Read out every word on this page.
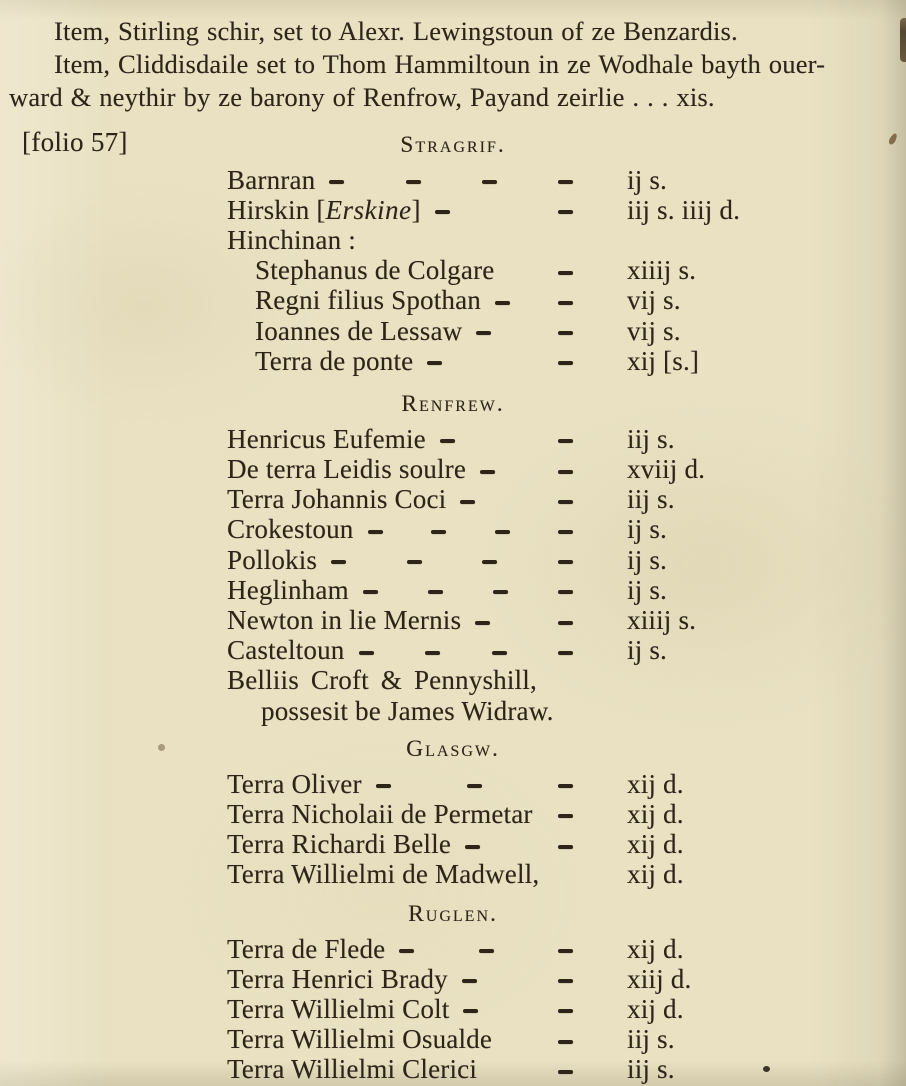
Item, Stirling schir, set to Alexr. Lewingstoun of ze Benzardis.
Item, Cliddisdaile set to Thom Hammiltoun in ze Wodhale bayth ouer-
ward & neythir by ze barony of Renfrow, Payand zeirlie . . . xis.
[folio 57]	Stragrif.
Barnran	ij s.
Hirskin [Erskine]	iij s. iiij d.
Hinchinan :
Stephanus de Colgare	xiiij s.
Regni filius Spothan	vij s.
Ioannes de Lessaw	vij s.
Terra de ponte	xij [s.]
Renfrew.
Henricus Eufemie	iij s.
De terra Leidis soulre	xviij d.
Terra Johannis Coci	iij s.
Crokestoun	ij s.
Pollokis	ij s.
Heglinham	ij s.
Newton in lie Mernis	xiiij s.
Casteltoun	ij s.
Belliis Croft & Pennyshill,
possesit be James Widraw.
Glasgw.
Terra Oliver	xij d.
Terra Nicholaii de Permetar	xij d.
Terra Richardi Belle	xij d.
Terra Willielmi de Madwell,	xij d.
Ruglen.
Terra de Flede	xij d.
Terra Henrici Brady	xiij d.
Terra Willielmi Colt	xij d.
Terra Willielmi Osualde	iij s.
Terra Willielmi Clerici	iij s.
